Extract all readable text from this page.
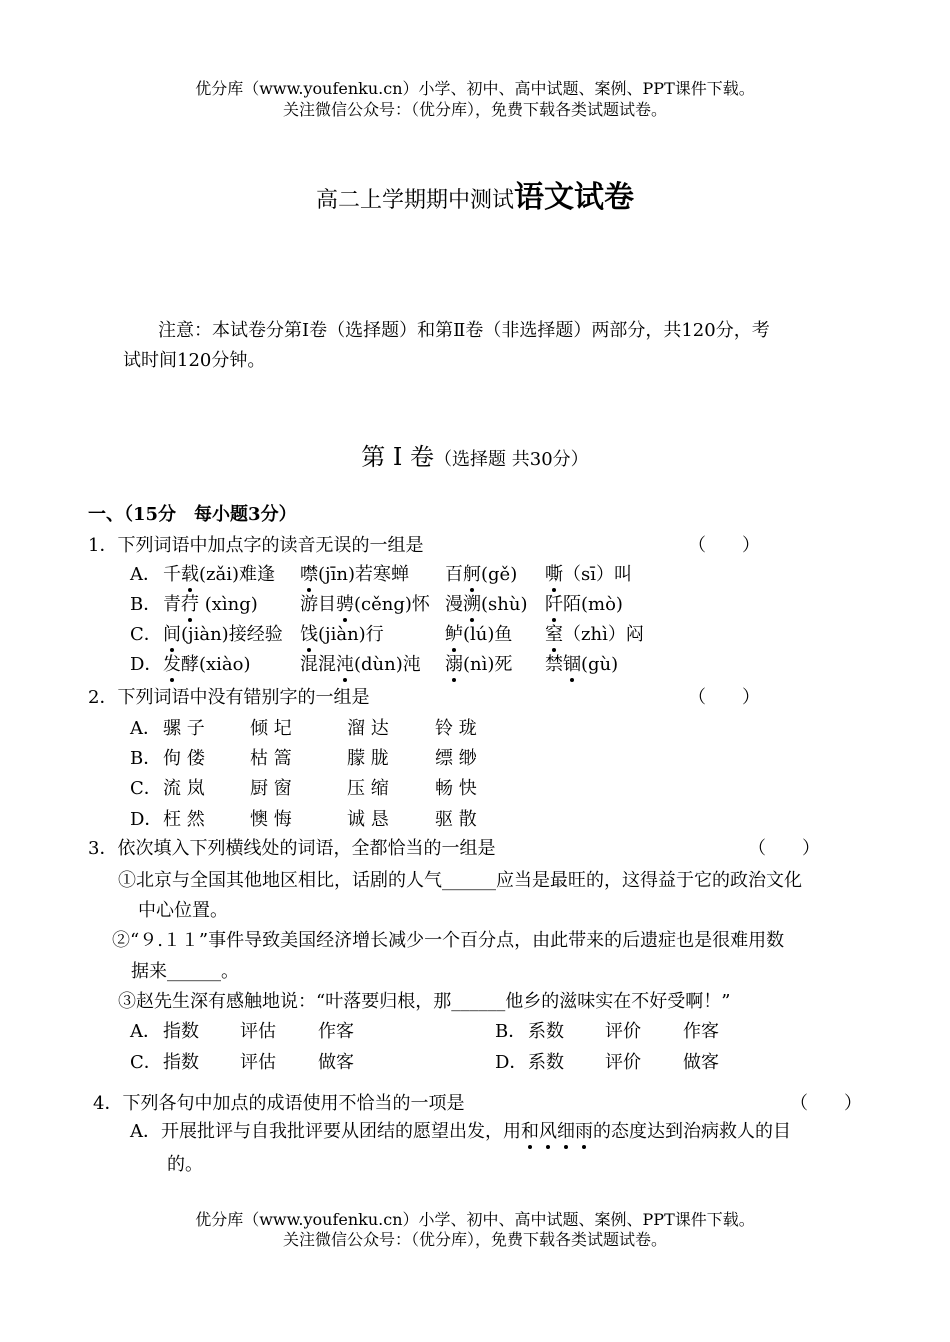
优分库（www.youfenku.cn）小学、初中、高中试题、案例、PPT课件下载。
关注微信公众号：（优分库），免费下载各类试题试卷。
高二上学期期中测试语文试卷
注意：本试卷分第Ⅰ卷（选择题）和第Ⅱ卷（非选择题）两部分，共120分，考
试时间120分钟。
第 Ⅰ 卷（选择题 共30分）
一、（15分　每小题3分）
1．下列词语中加点字的读音无误的一组是	（　　）
A． 千载(zǎi)难逢 噤(jīn)若寒蝉 百舸(gě) 嘶（sī）叫
B． 青荇 (xìng) 游目骋(cěng)怀 漫溯(shù) 阡陌(mò)
C． 间(jiàn)接经验 饯(jiàn)行	鲈(lú)鱼 窒（zhì）闷
D． 发酵(xiào)	混混沌(dùn)沌 溺(nì)死 禁锢(gù)
2．下列词语中没有错别字的一组是	（　　）
A． 骡 子	倾 圮	溜 达	铃 珑
B． 佝 偻	枯 篙	朦 胧	缥 缈
C． 流 岚	厨 窗	压 缩	畅 快
D． 枉 然	懊 悔	诚 恳	驱 散
3．依次填入下列横线处的词语，全都恰当的一组是	（　　）
①北京与全国其他地区相比，话剧的人气______应当是最旺的，这得益于它的政治文化
中心位置。
②“９.１１”事件导致美国经济增长减少一个百分点，由此带来的后遗症也是很难用数
据来______。
③赵先生深有感触地说：“叶落要归根，那______他乡的滋味实在不好受啊！”
A． 指数 评估 作客	B． 系数 评价 作客
C． 指数 评估 做客	D． 系数 评价 做客
4．下列各句中加点的成语使用不恰当的一项是	（　　）
A．开展批评与自我批评要从团结的愿望出发，用和风细雨的态度达到治病救人的目
的。
优分库（www.youfenku.cn）小学、初中、高中试题、案例、PPT课件下载。
关注微信公众号：（优分库），免费下载各类试题试卷。
